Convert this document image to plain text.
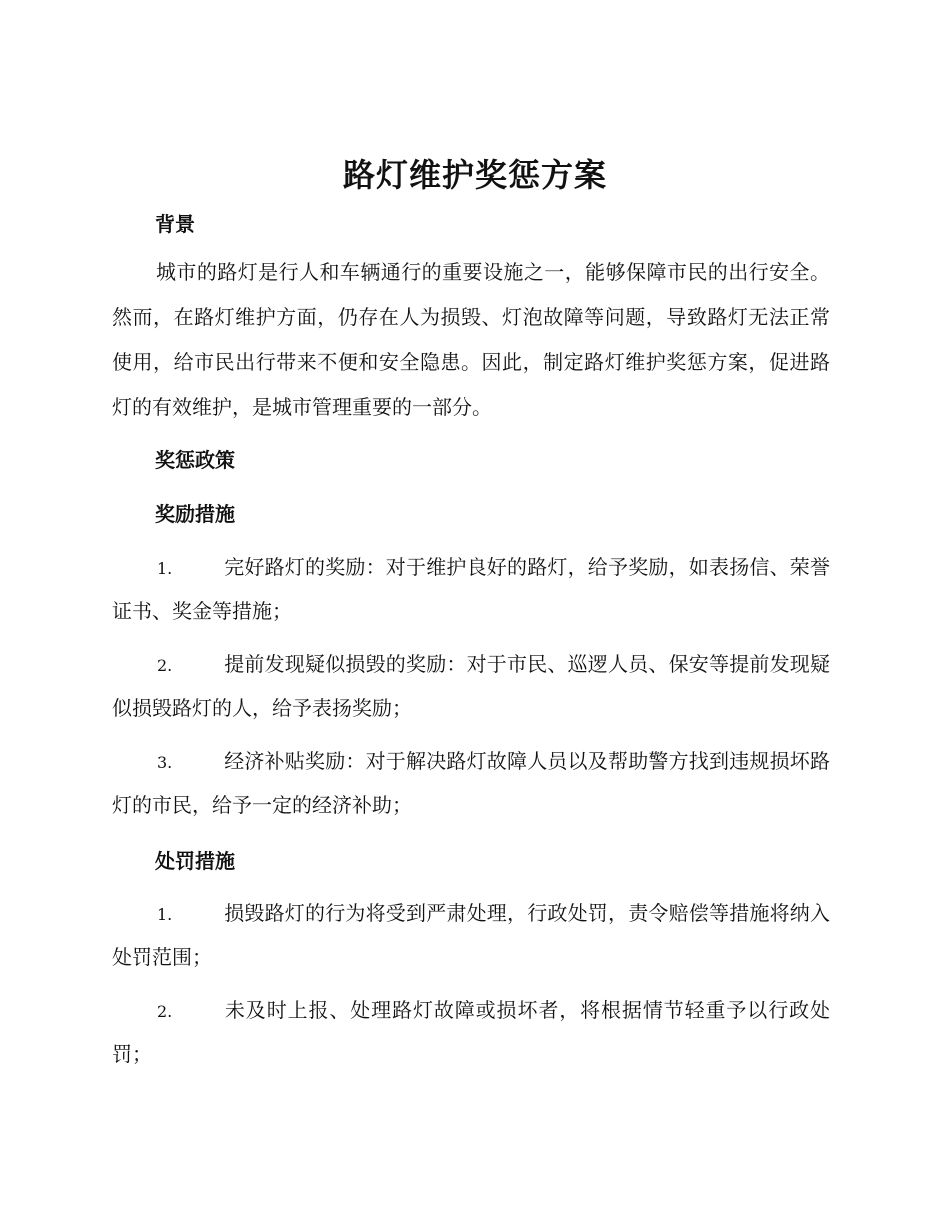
路灯维护奖惩方案
背景

城市的路灯是行人和车辆通行的重要设施之一，能够保障市民的出行安全。然而，在路灯维护方面，仍存在人为损毁、灯泡故障等问题，导致路灯无法正常使用，给市民出行带来不便和安全隐患。因此，制定路灯维护奖惩方案，促进路灯的有效维护，是城市管理重要的一部分。

奖惩政策
奖励措施

1.	完好路灯的奖励：对于维护良好的路灯，给予奖励，如表扬信、荣誉证书、奖金等措施；

2.	提前发现疑似损毁的奖励：对于市民、巡逻人员、保安等提前发现疑似损毁路灯的人，给予表扬奖励；

3.	经济补贴奖励：对于解决路灯故障人员以及帮助警方找到违规损坏路灯的市民，给予一定的经济补助；

处罚措施

1.	损毁路灯的行为将受到严肃处理，行政处罚，责令赔偿等措施将纳入处罚范围；

2.	未及时上报、处理路灯故障或损坏者，将根据情节轻重予以行政处罚；
